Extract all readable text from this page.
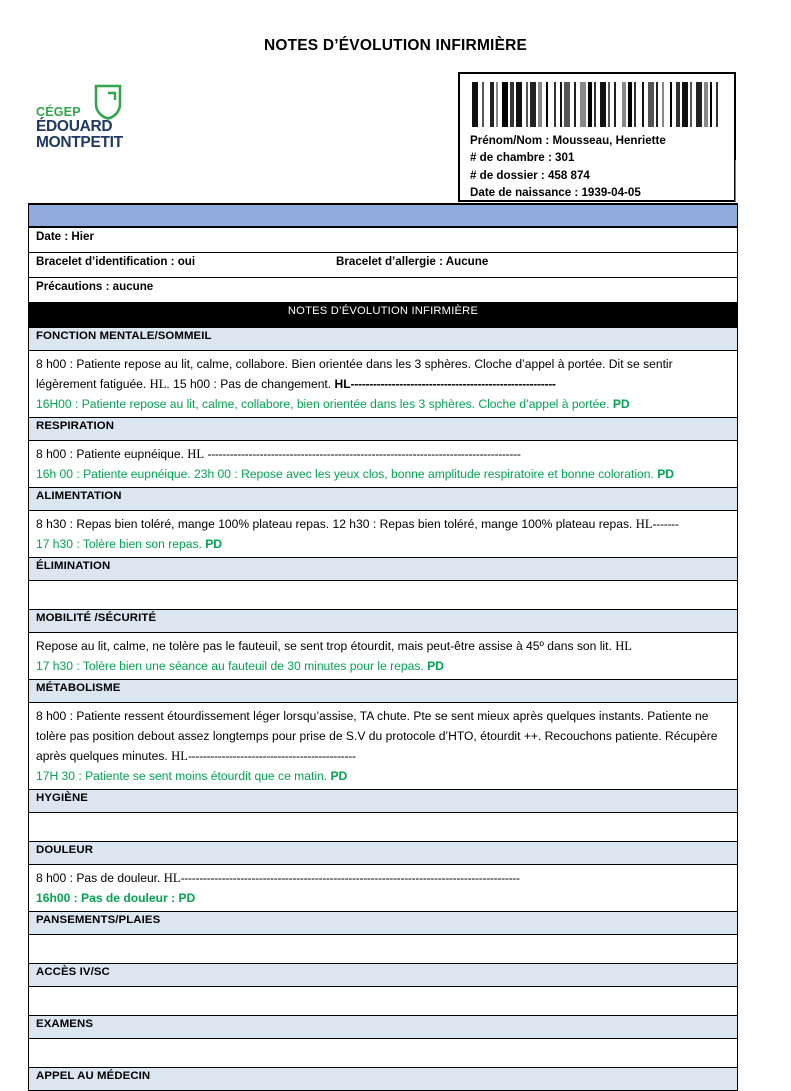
NOTES D’ÉVOLUTION INFIRMIÈRE
CÉGEP
ÉDOUARD
MONTPETIT	Prénom/Nom : Mousseau, Henriette
# de chambre : 301
# de dossier : 458 874
Date de naissance : 1939-04-05

Date : Hier

Bracelet d’identification : oui	Bracelet d’allergie : Aucune

Précautions : aucune
NOTES D’ÉVOLUTION INFIRMIÈRE
FONCTION MENTALE/SOMMEIL

8 h00 : Patiente repose au lit, calme, collabore. Bien orientée dans les 3 sphères. Cloche d’appel à portée. Dit se sentir légèrement fatiguée. HL. 15 h00 : Pas de changement. HL-------------------------------------------------------
16H00 : Patiente repose au lit, calme, collabore, bien orientée dans les 3 sphères. Cloche d’appel à portée. PD

RESPIRATION

8 h00 : Patiente eupnéique. HL ------------------------------------------------------------------------------------
16h 00 : Patiente eupnéique. 23h 00 : Repose avec les yeux clos, bonne amplitude respiratoire et bonne coloration. PD

ALIMENTATION

8 h30 : Repas bien toléré, mange 100% plateau repas. 12 h30 : Repas bien toléré, mange 100% plateau repas. HL-------
17 h30 : Tolère bien son repas. PD

ÉLIMINATION

MOBILITÉ /SÉCURITÉ

Repose au lit, calme, ne tolère pas le fauteuil, se sent trop étourdit, mais peut-être assise à 45º dans son lit. HL
17 h30 : Tolère bien une séance au fauteuil de 30 minutes pour le repas. PD

MÉTABOLISME

8 h00 : Patiente ressent étourdissement léger lorsqu’assise, TA chute. Pte se sent mieux après quelques instants. Patiente ne tolère pas position debout assez longtemps pour prise de S.V du protocole d’HTO, étourdit ++. Recouchons patiente. Récupère après quelques minutes. HL---------------------------------------------
17H 30 : Patiente se sent moins étourdit que ce matin. PD

HYGIÈNE

DOULEUR

8 h00 : Pas de douleur. HL-------------------------------------------------------------------------------------------
16h00 : Pas de douleur : PD

PANSEMENTS/PLAIES

ACCÈS IV/SC

EXAMENS

APPEL AU MÉDECIN
